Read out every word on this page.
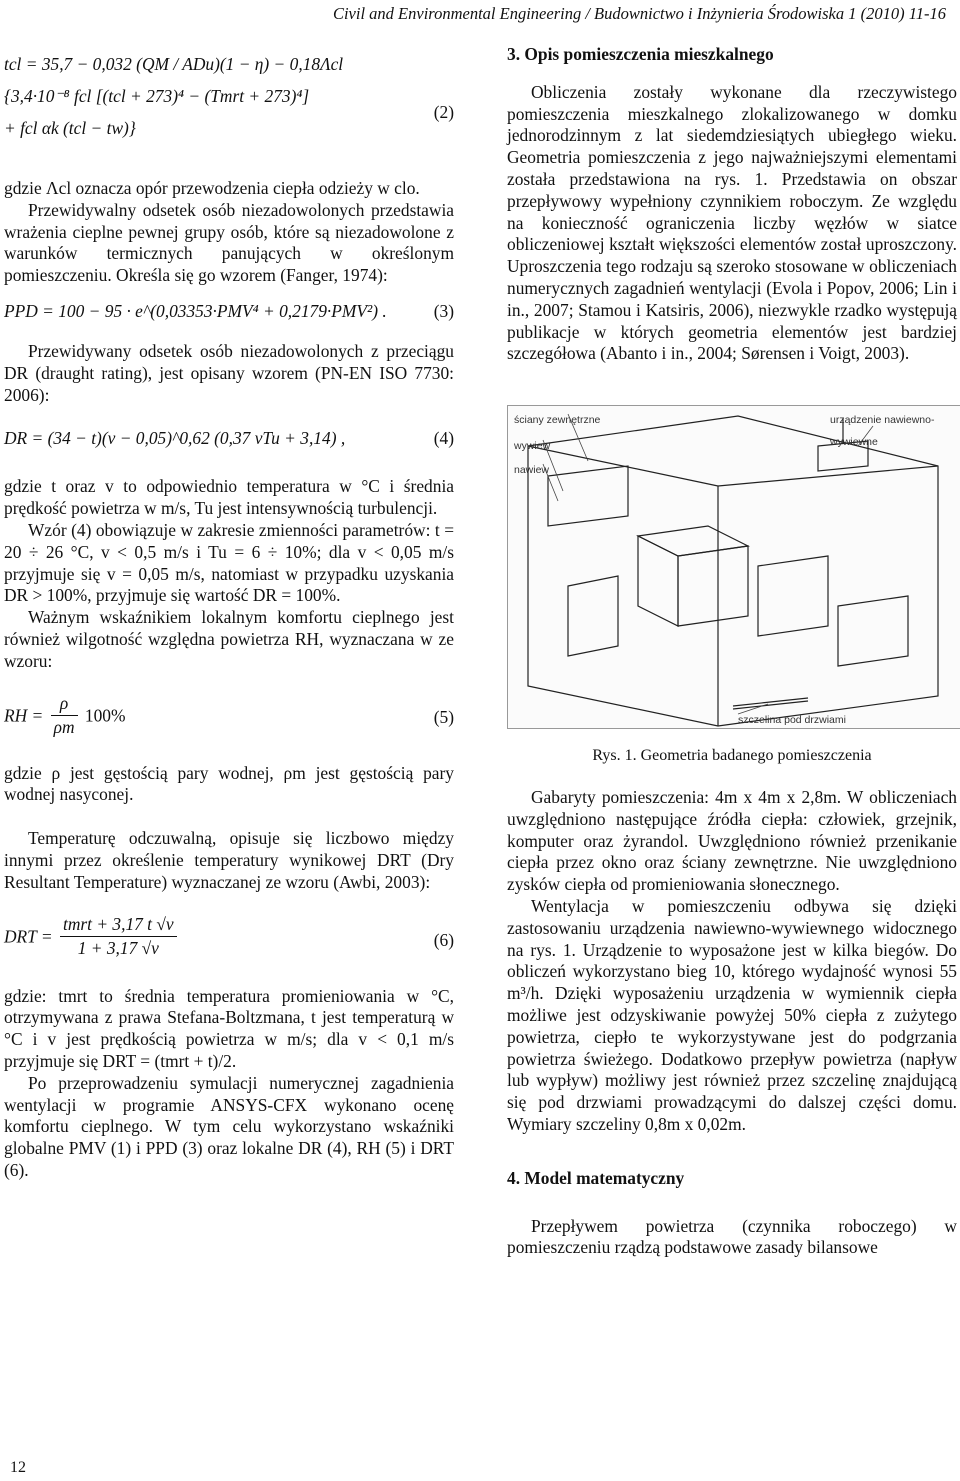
Civil and Environmental Engineering / Budownictwo i Inżynieria Środowiska 1 (2010) 11-16
tcl = 35,7 − 0,032 (QM / ADu)(1 − η) − 0,18Λcl
{3,4·10⁻⁸ fcl [(tcl + 273)⁴ − (Tmrt + 273)⁴]
+ fcl αk (tcl − tw)}
(2)

gdzie Λcl oznacza opór przewodzenia ciepła odzieży w clo.

Przewidywalny odsetek osób niezadowolonych przedstawia wrażenia cieplne pewnej grupy osób, które są niezadowolone z warunków termicznych panujących w określonym pomieszczeniu. Określa się go wzorem (Fanger, 1974):

PPD = 100 − 95 · e^(0,03353·PMV⁴ + 0,2179·PMV²) .	(3)

Przewidywany odsetek osób niezadowolonych z przeciągu DR (draught rating), jest opisany wzorem (PN-EN ISO 7730: 2006):

DR = (34 − t)(v − 0,05)^0,62 (0,37 vTu + 3,14) ,	(4)

gdzie t oraz v to odpowiednio temperatura w °C i średnia prędkość powietrza w m/s, Tu jest intensywnością turbulencji.

Wzór (4) obowiązuje w zakresie zmienności parametrów: t = 20 ÷ 26 °C, v < 0,5 m/s i Tu = 6 ÷ 10%; dla v < 0,05 m/s przyjmuje się v = 0,05 m/s, natomiast w przypadku uzyskania DR > 100%, przyjmuje się wartość DR = 100%.

Ważnym wskaźnikiem lokalnym komfortu cieplnego jest również wilgotność względna powietrza RH, wyznaczana w ze wzoru:

RH = $\frac{\rho}{\rho m} 100\%$	(5)

gdzie ρ jest gęstością pary wodnej, ρm jest gęstością pary wodnej nasyconej.

Temperaturę odczuwalną, opisuje się liczbowo między innymi przez określenie temperatury wynikowej DRT (Dry Resultant Temperature) wyznaczanej ze wzoru (Awbi, 2003):

DRT = $\frac{\text{tmrt + 3,17 t √v}}{1 + 3,17 √v}$	(6)

gdzie: tmrt to średnia temperatura promieniowania w °C, otrzymywana z prawa Stefana-Boltzmana, t jest temperaturą w °C i v jest prędkością powietrza w m/s; dla v < 0,1 m/s przyjmuje się DRT = (tmrt + t)/2.

Po przeprowadzeniu symulacji numerycznej zagadnienia wentylacji w programie ANSYS-CFX wykonano ocenę komfortu cieplnego. W tym celu wykorzystano wskaźniki globalne PMV (1) i PPD (3) oraz lokalne DR (4), RH (5) i DRT (6).

3. Opis pomieszczenia mieszkalnego

Obliczenia zostały wykonane dla rzeczywistego pomieszczenia mieszkalnego zlokalizowanego w domku jednorodzinnym z lat siedemdziesiątych ubiegłego wieku. Geometria pomieszczenia z jego najważniejszymi elementami została przedstawiona na rys. 1. Przedstawia on obszar przepływowy wypełniony czynnikiem roboczym. Ze względu na konieczność ograniczenia liczby węzłów w siatce obliczeniowej kształt większości elementów został uproszczony. Uproszczenia tego rodzaju są szeroko stosowane w obliczeniach numerycznych zagadnień wentylacji (Evola i Popov, 2006; Lin i in., 2007; Stamou i Katsiris, 2006), niezwykle rzadko występują publikacje w których geometria elementów jest bardziej szczegółowa (Abanto i in., 2004; Sørensen i Voigt, 2003).

ściany zewnętrzne	urządzenie nawiewno-wywiewne
wywiew
nawiew
szczelina pod drzwiami
Rys. 1. Geometria badanego pomieszczenia

Gabaryty pomieszczenia: 4m x 4m x 2,8m. W obliczeniach uwzględniono następujące źródła ciepła: człowiek, grzejnik, komputer oraz żyrandol. Uwzględniono również przenikanie ciepła przez okno oraz ściany zewnętrzne. Nie uwzględniono zysków ciepła od promieniowania słonecznego.

Wentylacja w pomieszczeniu odbywa się dzięki zastosowaniu urządzenia nawiewno-wywiewnego widocznego na rys. 1. Urządzenie to wyposażone jest w kilka biegów. Do obliczeń wykorzystano bieg 10, którego wydajność wynosi 55 m³/h. Dzięki wyposażeniu urządzenia w wymiennik ciepła możliwe jest odzyskiwanie powyżej 50% ciepła z zużytego powietrza, ciepło te wykorzystywane jest do podgrzania powietrza świeżego. Dodatkowo przepływ powietrza (napływ lub wypływ) możliwy jest również przez szczelinę znajdującą się pod drzwiami prowadzącymi do dalszej części domu. Wymiary szczeliny 0,8m x 0,02m.

4. Model matematyczny

Przepływem powietrza (czynnika roboczego) w pomieszczeniu rządzą podstawowe zasady bilansowe

12
